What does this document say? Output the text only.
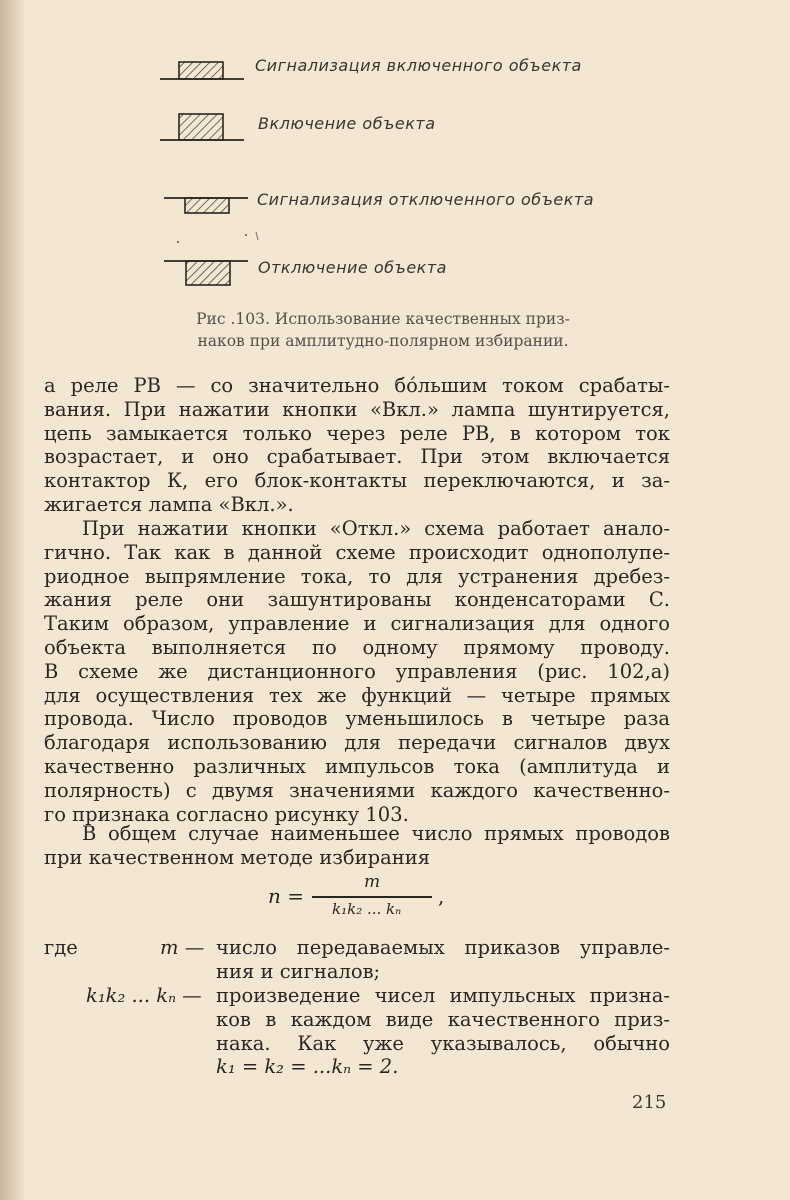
Сигнализация включенного объекта
Включение объекта
Сигнализация отключенного объекта
Отключение объекта
Рис .103. Использование качественных приз-
наков при амплитудно-полярном избирании.
а реле РВ — со значительно бо́льшим током срабаты-
вания. При нажатии кнопки «Вкл.» лампа шунтируется,
цепь замыкается только через реле РВ, в котором ток
возрастает, и оно срабатывает. При этом включается
контактор К, его блок-контакты переключаются, и за-
жигается лампа «Вкл.».
При нажатии кнопки «Откл.» схема работает анало-
гично. Так как в данной схеме происходит однополупе-
риодное выпрямление тока, то для устранения дребез-
жания реле они зашунтированы конденсаторами С.
Таким образом, управление и сигнализация для одного
объекта выполняется по одному прямому проводу.
В схеме же дистанционного управления (рис. 102,а)
для осуществления тех же функций — четыре прямых
провода. Число проводов уменьшилось в четыре раза
благодаря использованию для передачи сигналов двух
качественно различных импульсов тока (амплитуда и
полярность) с двумя значениями каждого качественно-
го признака согласно рисунку 103.
В общем случае наименьшее число прямых проводов
при качественном методе избирания
n =
m
k₁k₂ ... kₙ
,
где	m — число передаваемых приказов управле-
ния и сигналов;
k₁k₂ ... kₙ — произведение чисел импульсных призна-
ков в каждом виде качественного приз-
нака. Как уже указывалось, обычно
k₁ = k₂ = ...kₙ = 2.
215
